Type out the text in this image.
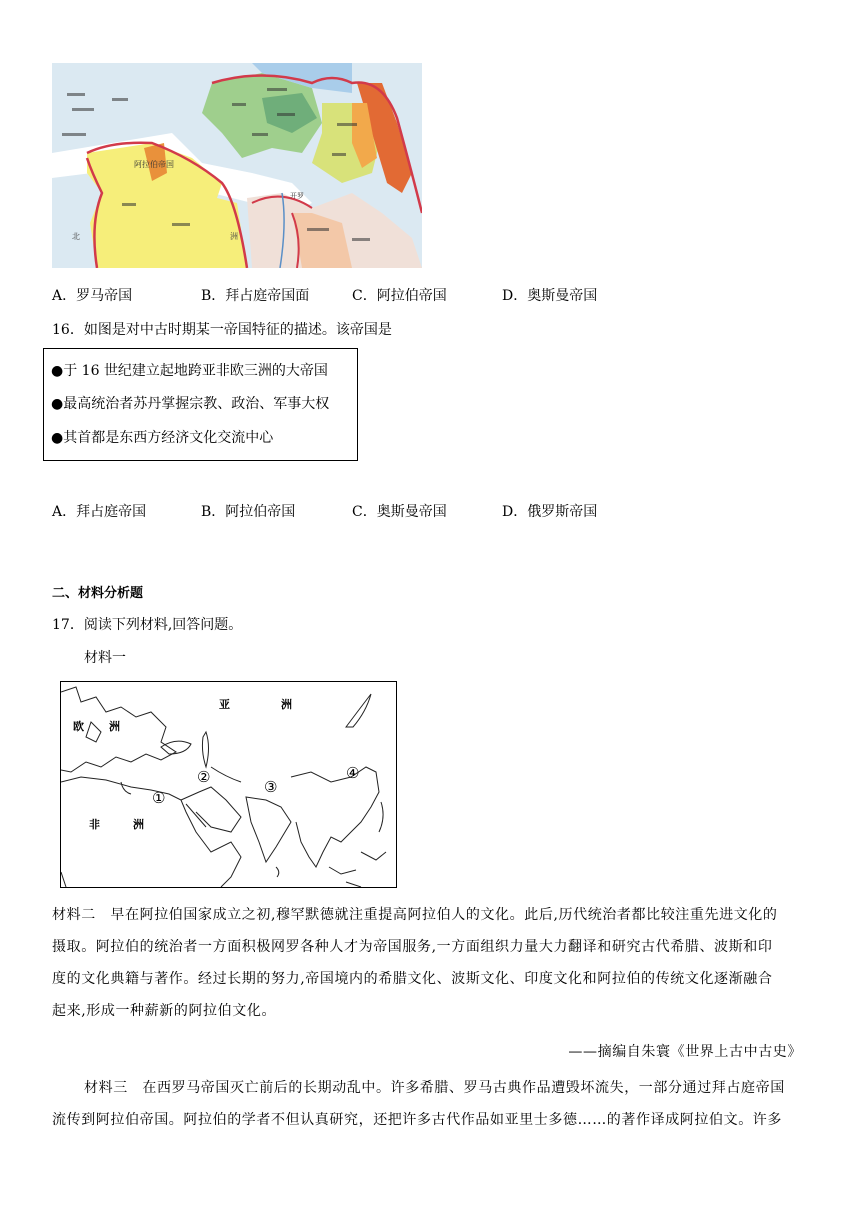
北	洲
阿拉伯帝国
开罗
A．罗马帝国	B．拜占庭帝国面	C．阿拉伯帝国	D．奥斯曼帝国
16．如图是对中古时期某一帝国特征的描述。该帝国是
●于 16 世纪建立起地跨亚非欧三洲的大帝国
●最高统治者苏丹掌握宗教、政治、军事大权
●其首都是东西方经济文化交流中心
A．拜占庭帝国	B．阿拉伯帝国	C．奥斯曼帝国	D．俄罗斯帝国
二、材料分析题
17．阅读下列材料,回答问题。
材料一
亚	洲
欧 洲
非	洲
①
②
③
④
材料二　早在阿拉伯国家成立之初,穆罕默德就注重提高阿拉伯人的文化。此后,历代统治者都比较注重先进文化的
摄取。阿拉伯的统治者一方面积极网罗各种人才为帝国服务,一方面组织力量大力翻译和研究古代希腊、波斯和印
度的文化典籍与著作。经过长期的努力,帝国境内的希腊文化、波斯文化、印度文化和阿拉伯的传统文化逐渐融合
起来,形成一种薪新的阿拉伯文化。
——摘编自朱寰《世界上古中古史》
材料三　在西罗马帝国灭亡前后的长期动乱中。许多希腊、罗马古典作品遭毁坏流失，一部分通过拜占庭帝国
流传到阿拉伯帝国。阿拉伯的学者不但认真研究，还把许多古代作品如亚里士多德……的著作译成阿拉伯文。许多
